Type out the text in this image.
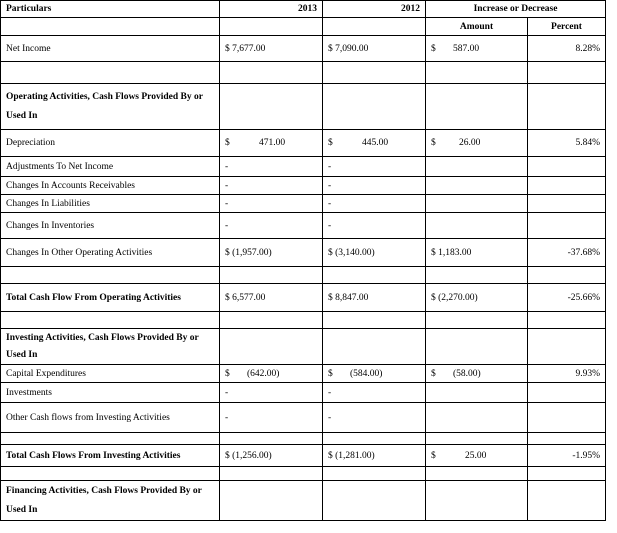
Particulars	2013	2012	Increase or Decrease	
			Amount	Percent
Net Income	$ 7,677.00	$ 7,090.00	$ 587.00	8.28%

Operating Activities, Cash Flows Provided By or Used In				
Depreciation	$ 471.00	$ 445.00	$ 26.00	5.84%
Adjustments To Net Income	-	-		
Changes In Accounts Receivables	-	-		
Changes In Liabilities	-	-		
Changes In Inventories	-	-		
Changes In Other Operating Activities	$ (1,957.00)	$ (3,140.00)	$ 1,183.00	-37.68%

Total Cash Flow From Operating Activities	$ 6,577.00	$ 8,847.00	$ (2,270.00)	-25.66%

Investing Activities, Cash Flows Provided By or Used In				
Capital Expenditures	$ (642.00)	$ (584.00)	$ (58.00)	9.93%
Investments	-	-		
Other Cash flows from Investing Activities	-	-		

Total Cash Flows From Investing Activities	$ (1,256.00)	$ (1,281.00)	$ 25.00	-1.95%

Financing Activities, Cash Flows Provided By or Used In				
